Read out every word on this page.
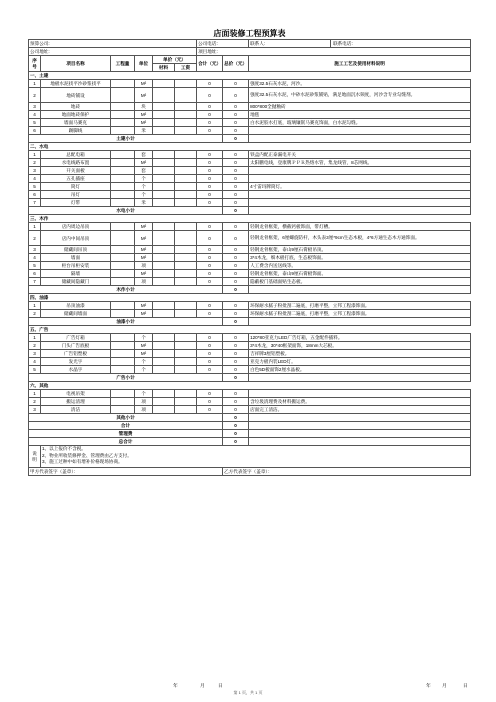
店面装修工程预算表
预算公司:						公司电话:		联系人: 联系电话:

公司地址:						项目地址:		
序号	项目名称	工程量	单位	单价（元）		合计（元）	总价（元）	施工工艺及使用材料说明
				材料	工资			
一、土建								
1	地板水泥找平沙砂浆找平		M²			0	0	强度32.5石灰水泥，河沙。
2	地砖铺设		M²			0	0	强度32.5石灰水泥，中砂水泥砂浆铺贴，满足地面沉水频度，河沙含专业勾缝剂。
3	地砖		块			0	0	800*800全抛釉砖
4	地面地砖保护		M²			0	0	地毯
5	墙面马赛克		M²			0	0	白水泥胶水打底，玻璃镶嵌马赛克饰面，白水泥勾缝。
6	踢脚线		米			0	0	
土建小计							0	
二、水电								
1	总配电箱		套			0	0	铁盒内配正泰漏电开关
2	水电线路布置		M²			0	0	太阳鹏电线，登康牌ＰＰＲ热熔水管，集龙线管，8芯网线。
3	开关面板		套			0	0	
4	五孔插座		个			0	0	
5	筒灯		个			0	0	4寸雷玛牌筒灯。
6	吊灯		个			0	0	
7	灯带		米			0	0	
水电小计							0	
三、木作								
1	店内周边吊顶		M²			0	0	轻钢龙骨框架，横截钙板饰面，带灯槽。
2	店内中间吊顶		M²			0	0	轻钢龙骨框架，6厘螺旋防杆，木头表3厘*9cm生态木板，4*6方通生态木方通饰面。
3	储藏间吊顶		M²			0	0	轻钢龙骨框架，泰山9厘石膏板吊顶。
4	墙面		M²			0	0	3*4木龙，细木板打底，生态板饰面。
5	柜台吊柜安装		项			0	0	人工费含内送送线等。
6	隔墙		M²			0	0	轻钢龙骨框架，泰山9厘石膏板饰面。
7	储藏间隐藏门		项			0	0	隐蔽板门基础面贴生态板。
木作小计							0	
四、油漆								
1	吊顶油漆		M²			0	0	环保耐水腻子粉批刮二遍底，打磨平整，立邦工程漆饰面。
2	储藏间墙面		M²			0	0	环保耐水腻子粉批刮二遍底，打磨平整，立邦工程漆饰面。
油漆小计							0	
五、广告								
1	广告灯箱		个			0	0	120*80亚克力LED广告灯箱，五金配件插料。
2	门头广告底板		M²			0	0	3*4木龙，30*40框架面饰，18mm大芯板。
3	广告铝塑板		M²			0	0	吉祥牌3厘铝塑板。
4	发光字		个			0	0	亚克力板内装LED灯。
5	水晶字		个			0	0	白色5D板面饰2厘水晶板。
广告小计							0	
六、其他								
1	电视吊架		个			0	0	
2	搬运清理		项			0	0	含垃圾清理费及材料搬运费。
3	清洁		项			0	0	店面完工清洁。
其他小计							0	
合计							0	
管理费							0	
总合计							0	
说明	1、以上报价不含税。
2、物业所收装修押金、管理费由乙方支付。
3、施工过种中如有增补价格现场协商。							

甲方代表签字（盖章）：							乙方代表签字（盖章）：	
年	月	日	年 月	日
第 1 页，共 1 页
